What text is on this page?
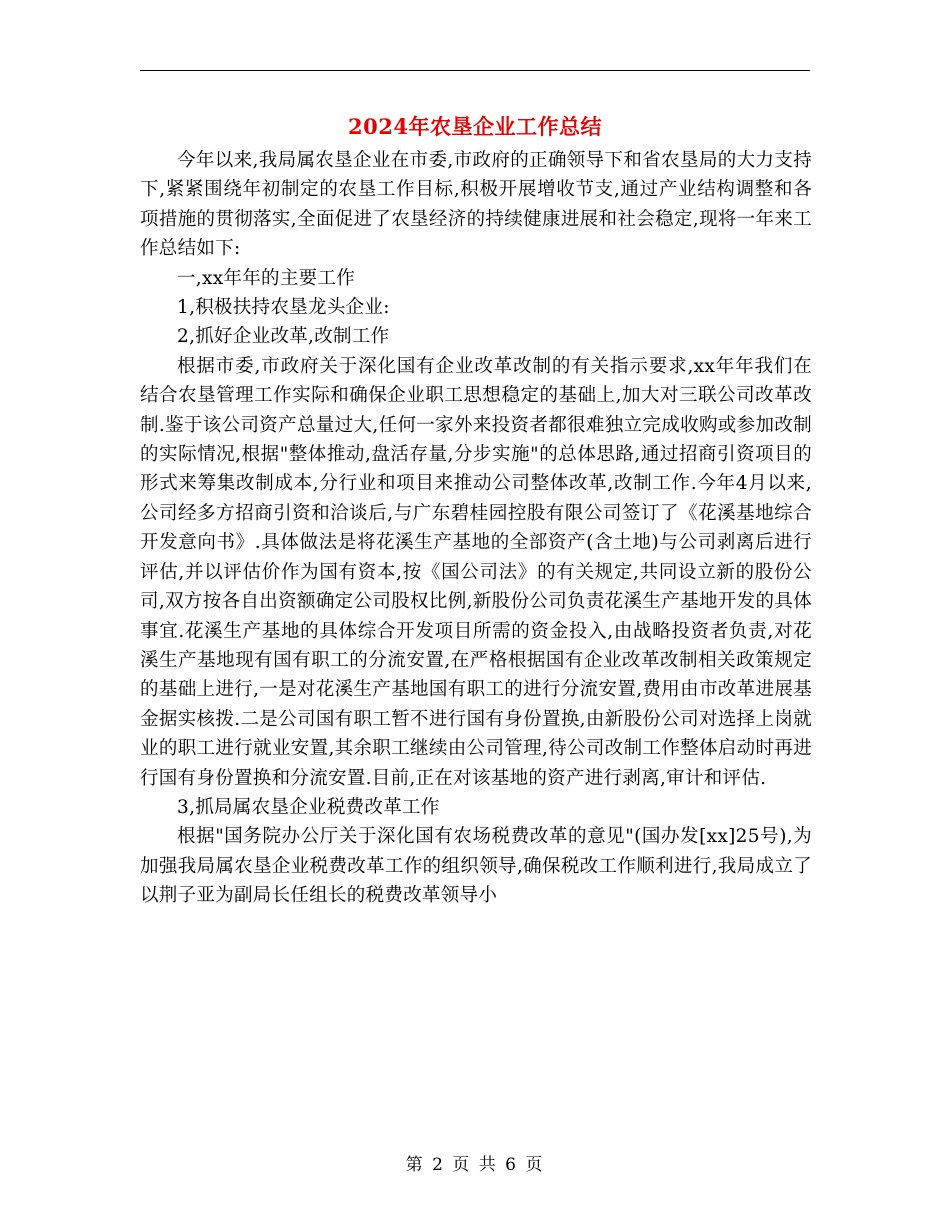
2024年农垦企业工作总结

今年以来,我局属农垦企业在市委,市政府的正确领导下和省农垦局的大力支持下,紧紧围绕年初制定的农垦工作目标,积极开展增收节支,通过产业结构调整和各项措施的贯彻落实,全面促进了农垦经济的持续健康进展和社会稳定,现将一年来工作总结如下:

一,xx年年的主要工作

1,积极扶持农垦龙头企业:

2,抓好企业改革,改制工作

根据市委,市政府关于深化国有企业改革改制的有关指示要求,xx年年我们在结合农垦管理工作实际和确保企业职工思想稳定的基础上,加大对三联公司改革改制.鉴于该公司资产总量过大,任何一家外来投资者都很难独立完成收购或参加改制的实际情况,根据"整体推动,盘活存量,分步实施"的总体思路,通过招商引资项目的形式来筹集改制成本,分行业和项目来推动公司整体改革,改制工作.今年4月以来,公司经多方招商引资和洽谈后,与广东碧桂园控股有限公司签订了《花溪基地综合开发意向书》.具体做法是将花溪生产基地的全部资产(含土地)与公司剥离后进行评估,并以评估价作为国有资本,按《国公司法》的有关规定,共同设立新的股份公司,双方按各自出资额确定公司股权比例,新股份公司负责花溪生产基地开发的具体事宜.花溪生产基地的具体综合开发项目所需的资金投入,由战略投资者负责,对花溪生产基地现有国有职工的分流安置,在严格根据国有企业改革改制相关政策规定的基础上进行,一是对花溪生产基地国有职工的进行分流安置,费用由市改革进展基金据实核拨.二是公司国有职工暂不进行国有身份置换,由新股份公司对选择上岗就业的职工进行就业安置,其余职工继续由公司管理,待公司改制工作整体启动时再进行国有身份置换和分流安置.目前,正在对该基地的资产进行剥离,审计和评估.

3,抓局属农垦企业税费改革工作

根据"国务院办公厅关于深化国有农场税费改革的意见"(国办发[xx]25号),为加强我局属农垦企业税费改革工作的组织领导,确保税改工作顺利进行,我局成立了以荆子亚为副局长任组长的税费改革领导小

第 2 页 共 6 页
